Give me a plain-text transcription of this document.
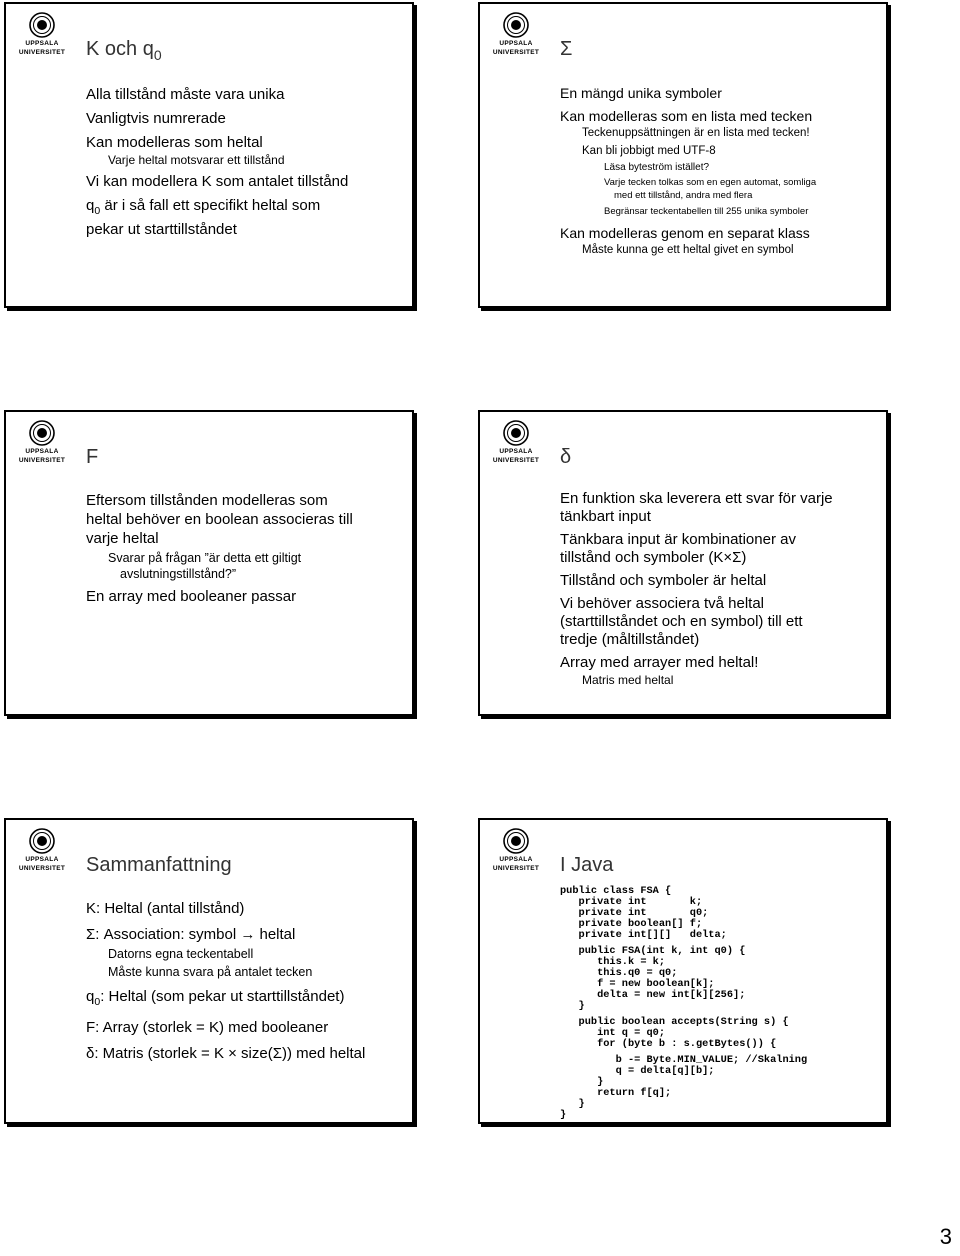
UPPSALA
UNIVERSITET K och $q_0$
Alla tillstånd måste vara unika
Vanligtvis numrerade
Kan modelleras som heltal
Varje heltal motsvarar ett tillstånd
Vi kan modellera K som antalet tillstånd
$q_0$ är i så fall ett specifikt heltal som
pekar ut starttillståndet
UPPSALA
UNIVERSITET Σ
En mängd unika symboler
Kan modelleras som en lista med tecken
Teckenuppsättningen är en lista med tecken!
Kan bli jobbigt med UTF-8
Läsa byteström istället?
Varje tecken tolkas som en egen automat, somliga
med ett tillstånd, andra med flera
Begränsar teckentabellen till 255 unika symboler
Kan modelleras genom en separat klass
Måste kunna ge ett heltal givet en symbol
UPPSALA
UNIVERSITET F
Eftersom tillstånden modelleras som
heltal behöver en boolean associeras till
varje heltal
Svarar på frågan ”är detta ett giltigt
avslutningstillstånd?”
En array med booleaner passar
UPPSALA
UNIVERSITET δ
En funktion ska leverera ett svar för varje
tänkbart input
Tänkbara input är kombinationer av
tillstånd och symboler (K×Σ)
Tillstånd och symboler är heltal
Vi behöver associera två heltal
(starttillståndet och en symbol) till ett
tredje (måltillståndet)
Array med arrayer med heltal!
Matris med heltal
UPPSALA
UNIVERSITET Sammanfattning
K: Heltal (antal tillstånd)
Σ: Association: symbol → heltal
Datorns egna teckentabell
Måste kunna svara på antalet tecken
$q_0$: Heltal (som pekar ut starttillståndet)
F: Array (storlek = K) med booleaner
δ: Matris (storlek = K × size(Σ)) med heltal
UPPSALA
UNIVERSITET I Java
public class FSA {
private int       k;
private int       q0;
private boolean[] f;
private int[][]   delta;
public FSA(int k, int q0) {
this.k = k;
this.q0 = q0;
f = new boolean[k];
delta = new int[k][256];
}
public boolean accepts(String s) {
int q = q0;
for (byte b : s.getBytes()) {
b -= Byte.MIN_VALUE; //Skalning
q = delta[q][b];
}
return f[q];
}
}
3
